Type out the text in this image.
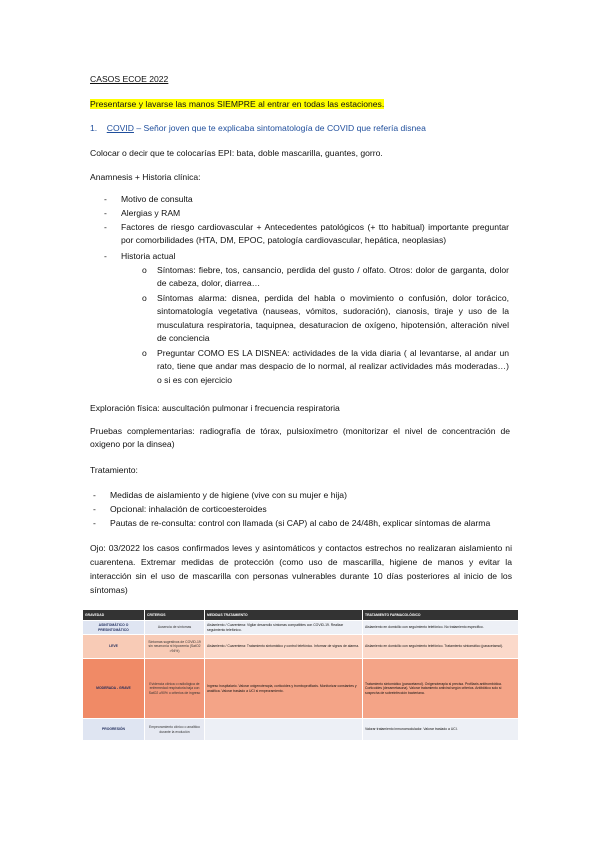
CASOS ECOE 2022
Presentarse y lavarse las manos SIEMPRE al entrar en todas las estaciones.
1. COVID – Señor joven que te explicaba sintomatología de COVID que refería disnea
Colocar o decir que te colocarías EPI: bata, doble mascarilla, guantes, gorro.
Anamnesis + Historia clínica:
- Motivo de consulta
- Alergias y RAM
- Factores de riesgo cardiovascular + Antecedentes patológicos (+ tto habitual) importante preguntar por comorbilidades (HTA, DM, EPOC, patología cardiovascular, hepática, neoplasias)
- Historia actual
o Síntomas: fiebre, tos, cansancio, perdida del gusto / olfato. Otros: dolor de garganta, dolor de cabeza, dolor, diarrea…
o Síntomas alarma: disnea, perdida del habla o movimiento o confusión, dolor torácico, sintomatología vegetativa (nauseas, vómitos, sudoración), cianosis, tiraje y uso de la musculatura respiratoria, taquipnea, desaturacion de oxígeno, hipotensión, alteración nivel de conciencia
o Preguntar COMO ES LA DISNEA: actividades de la vida diaria ( al levantarse, al andar un rato, tiene que andar mas despacio de lo normal, al realizar actividades más moderadas…) o si es con ejercicio
Exploración física: auscultación pulmonar i frecuencia respiratoria
Pruebas complementarias: radiografía de tórax, pulsioxímetro (monitorizar el nivel de concentración de oxigeno por la dinsea)
Tratamiento:
- Medidas de aislamiento y de higiene (vive con su mujer e hija)
- Opcional: inhalación de corticoesteroides
- Pautas de re-consulta: control con llamada (si CAP) al cabo de 24/48h, explicar síntomas de alarma
Ojo: 03/2022 los casos confirmados leves y asintomáticos y contactos estrechos no realizaran aislamiento ni cuarentena. Extremar medidas de protección (como uso de mascarilla, higiene de manos y evitar la interacción sin el uso de mascarilla con personas vulnerables durante 10 días posteriores al inicio de los síntomas)
GRAVEDAD	CRITERIOS	MEDIDAS TRATAMIENTO	TRATAMIENTO FARMACOLÓGICO
ASINTOMÁTICO O PRESINTOMÁTICO	Ausencia de síntomas	Aislamiento / Cuarentena: Vigilar desarrollo síntomas compatibles con COVID-19. Realizar seguimiento telefónico.	Aislamiento en domicilio con seguimiento telefónico. No tratamiento específico.
LEVE	Síntomas sugestivos de COVID-19 sin neumonía ni hipoxemia (SatO2 >94%)	Aislamiento / Cuarentena: Tratamiento sintomático y control telefónico. Informar de signos de alarma.	Aislamiento en domicilio con seguimiento telefónico. Tratamiento sintomático (paracetamol).
MODERADA - GRAVE	Evidencia clínica o radiológica de enfermedad respiratoria baja con SatO2 ≥90% o criterios de ingreso	Ingreso hospitalario. Valorar oxigenoterapia, corticoides y tromboprofilaxis. Monitorizar constantes y analítica. Valorar traslado a UCI si empeoramiento.	Tratamiento sintomático (paracetamol). Oxigenoterapia si precisa. Profilaxis antitrombótica. Corticoides (dexametasona). Valorar tratamiento antiviral según criterios. Antibiótico solo si sospecha de sobreinfección bacteriana.
PROGRESIÓN	Empeoramiento clínico o analítico durante la evolución		Valorar tratamiento inmunomodulador. Valorar traslado a UCI.
